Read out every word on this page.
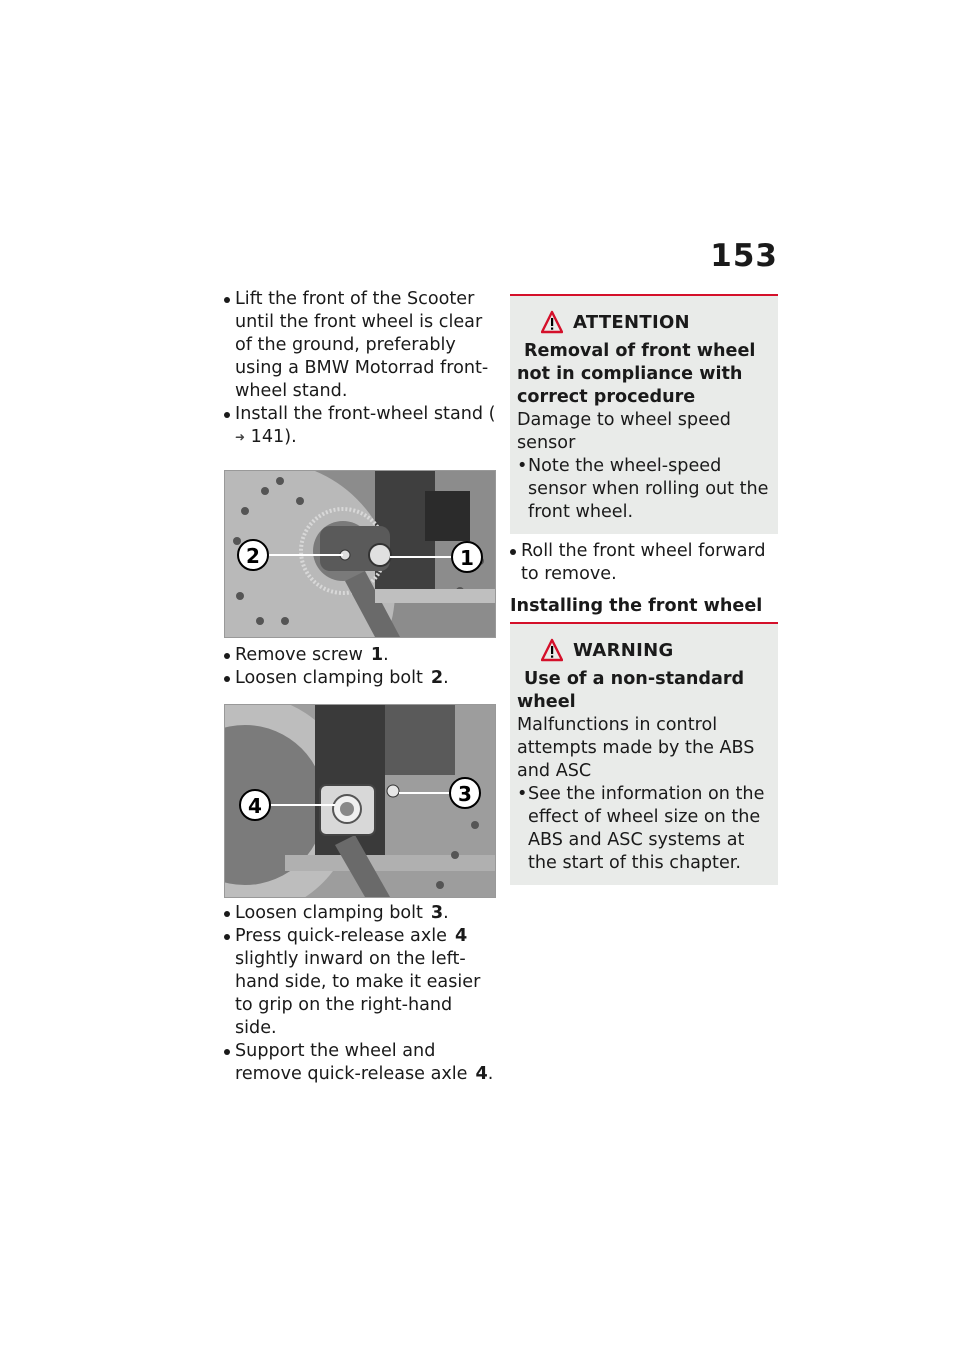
153
Lift the front of the Scooter until the front wheel is clear of the ground, preferably using a BMW Motorrad front-wheel stand.
Install the front-wheel stand (➜ 141).
2	1
Remove screw 1.
Loosen clamping bolt 2.
4	3
Loosen clamping bolt 3.
Press quick-release axle 4 slightly inward on the left-hand side, to make it easier to grip on the right-hand side.
Support the wheel and remove quick-release axle 4.
ATTENTION
Removal of front wheel not in compliance with correct procedure
Damage to wheel speed sensor
• Note the wheel-speed sensor when rolling out the front wheel.
Roll the front wheel forward to remove.
Installing the front wheel
WARNING
Use of a non-standard wheel
Malfunctions in control attempts made by the ABS and ASC
• See the information on the effect of wheel size on the ABS and ASC systems at the start of this chapter.
